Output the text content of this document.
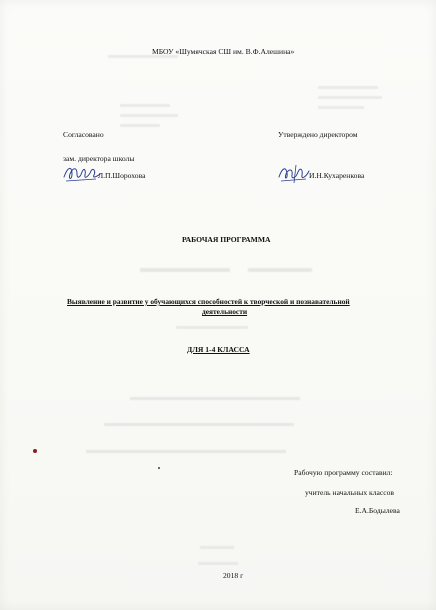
МБОУ «Шумячская СШ им. В.Ф.Алешина»
Согласовано
зам. директора школы
Л.П.Шорохова
Утверждено директором
И.Н.Кухаренкова
РАБОЧАЯ ПРОГРАММА
Выявление и развитие у обучающихся способностей к творческой и познавательной
деятельности
ДЛЯ 1-4 КЛАССА
Рабочую программу составил:
учитель начальных классов
Е.А.Бодылева
2018 г
